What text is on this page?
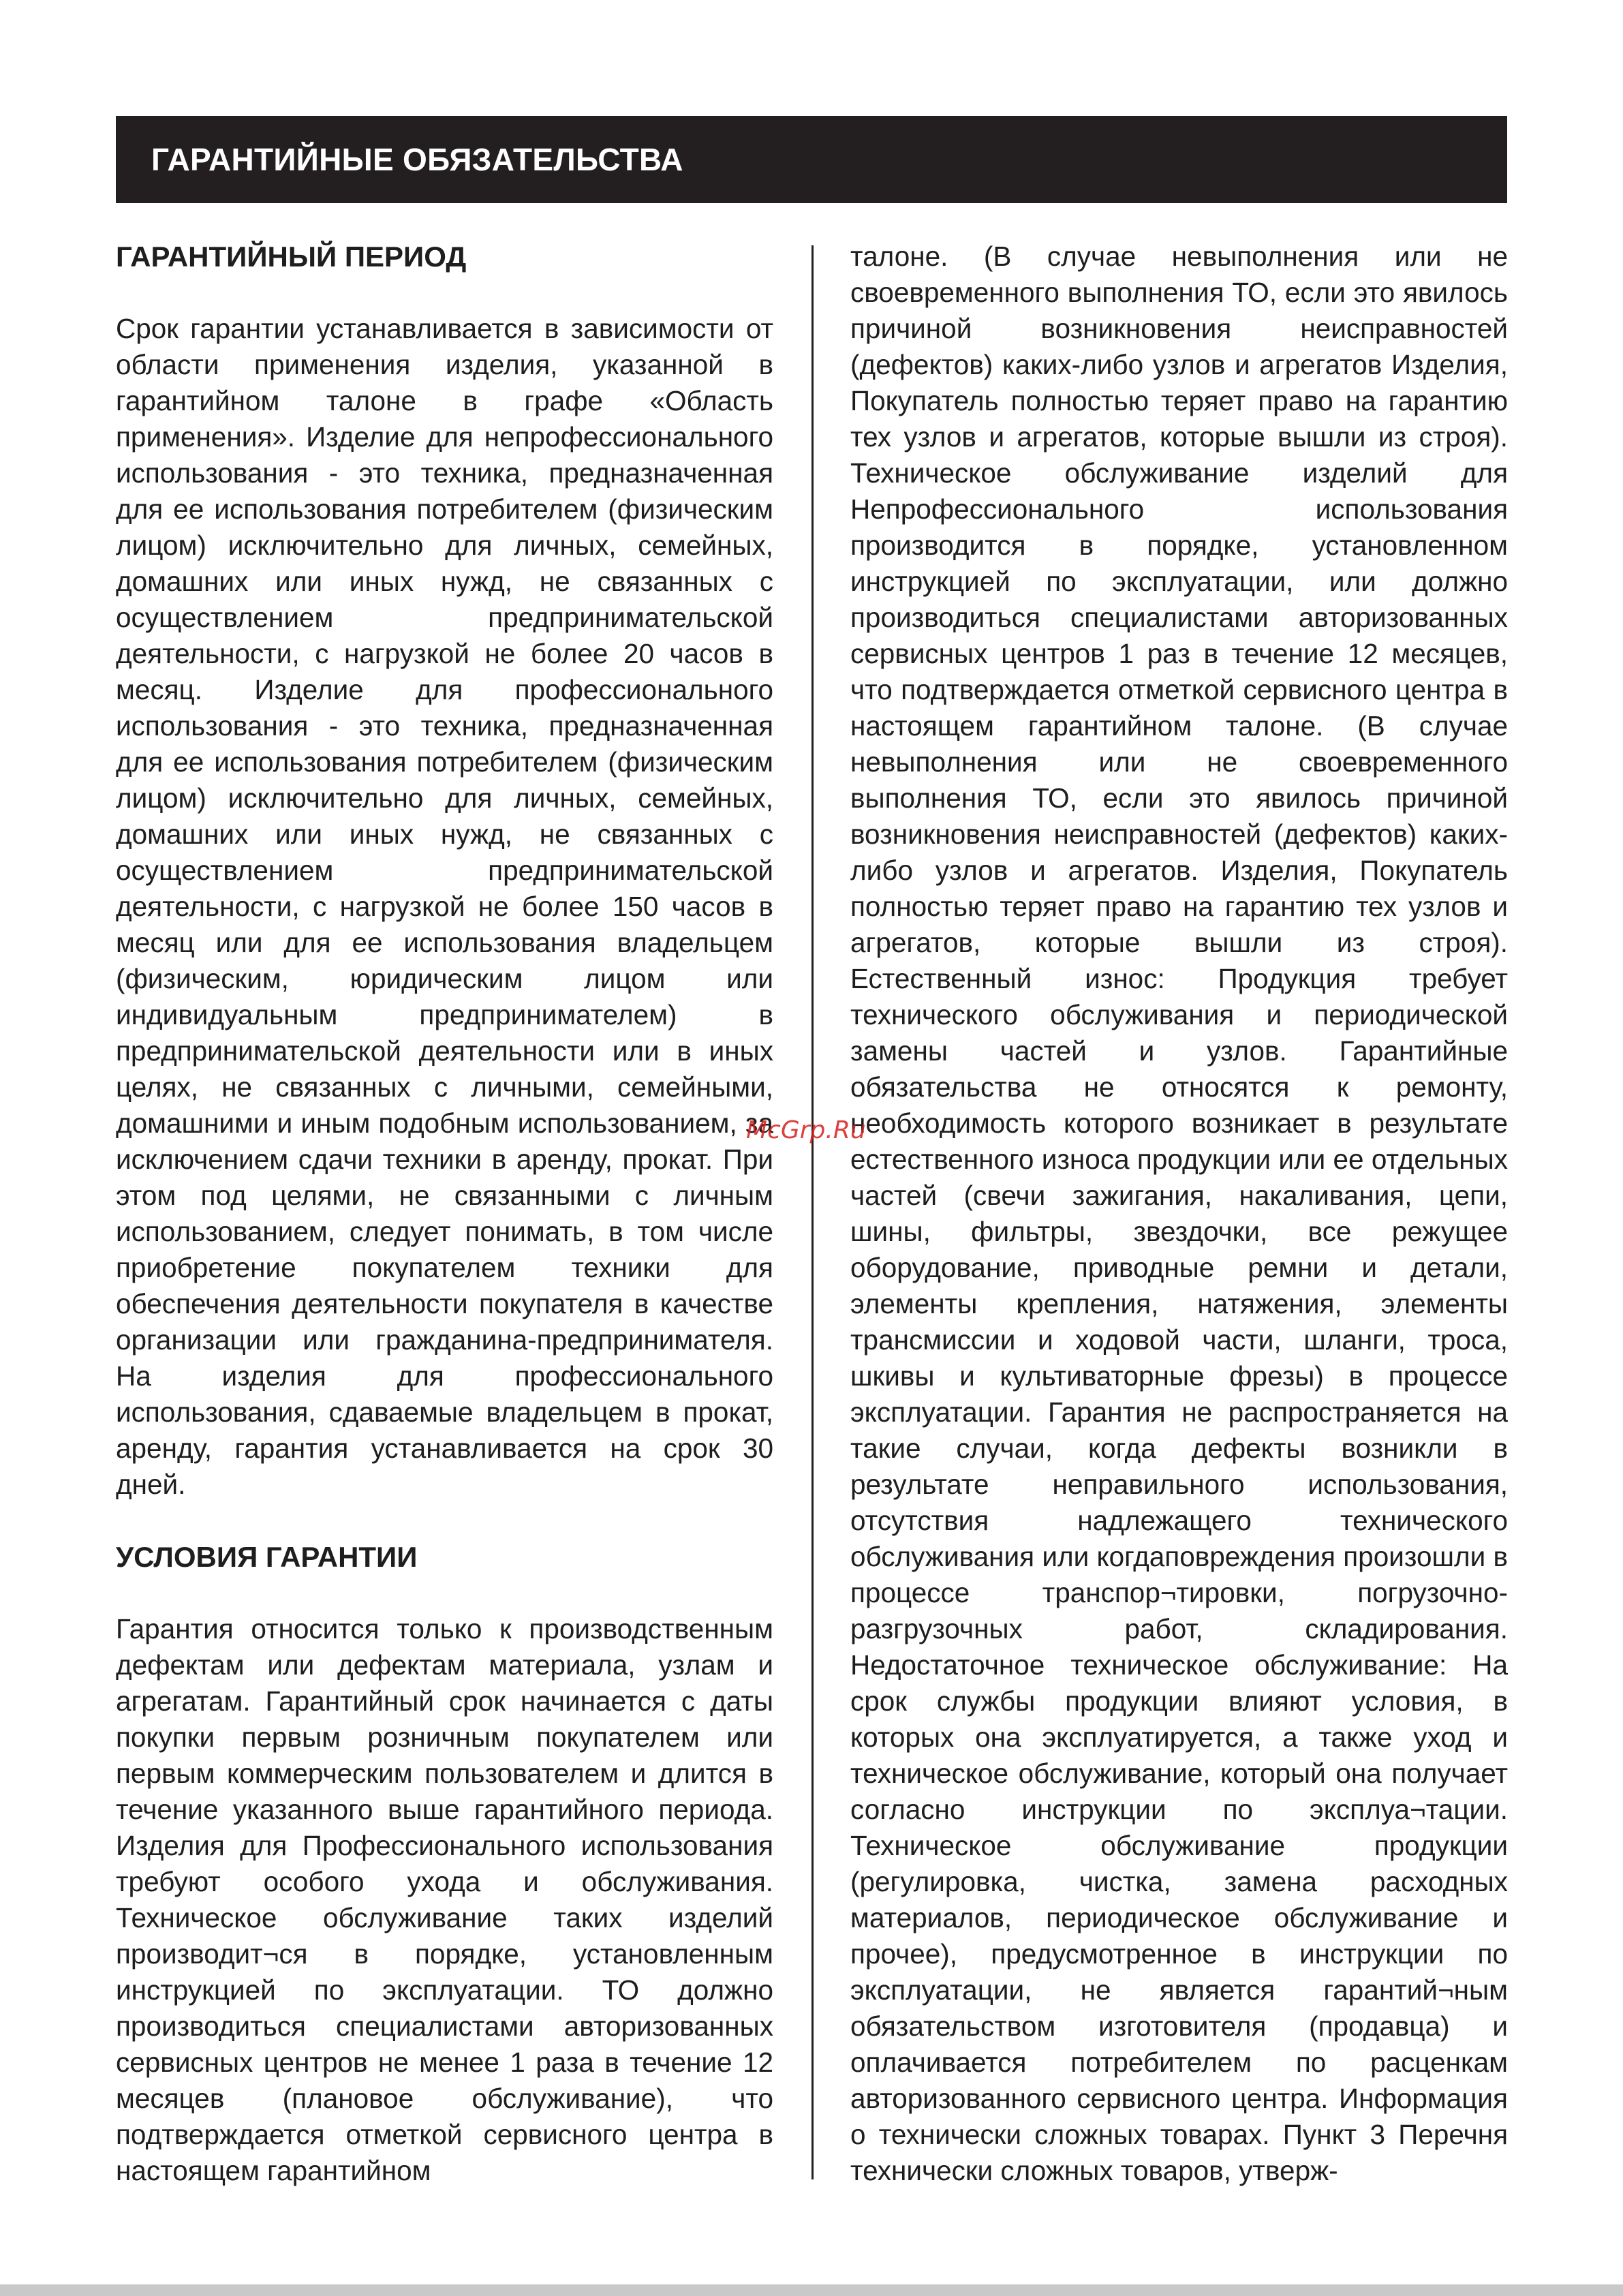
ГАРАНТИЙНЫЕ ОБЯЗАТЕЛЬСТВА
ГАРАНТИЙНЫЙ ПЕРИОД

Срок гарантии устанавливается в зависимости от области применения изделия, указанной в гарантийном талоне в графе «Область применения». Изделие для непрофессионального использования - это техника, предназначенная для ее использования потребителем (физическим лицом) исключительно для личных, семейных, домашних или иных нужд, не связанных с осуществлением предпринимательской деятельности, с нагрузкой не более 20 часов в месяц. Изделие для профессионального использования - это техника, предназначенная для ее использования потребителем (физическим лицом) исключительно для личных, семейных, домашних или иных нужд, не связанных с осуществлением предпринимательской деятельности, с нагрузкой не более 150 часов в месяц или для ее использования владельцем (физическим, юридическим лицом или индивидуальным предпринимателем) в предпринимательской деятельности или в иных целях, не связанных с личными, семейными, домашними и иным подобным использованием, за исключением сдачи техники в аренду, прокат. При этом под целями, не связанными с личным использованием, следует понимать, в том числе приобретение покупателем техники для обеспечения деятельности покупателя в качестве организации или гражданина-предпринимателя. На изделия для профессионального использования, сдаваемые владельцем в прокат, аренду, гарантия устанавливается на срок 30 дней.

УСЛОВИЯ ГАРАНТИИ

Гарантия относится только к производственным дефектам или дефектам материала, узлам и агрегатам. Гарантийный срок начинается с даты покупки первым розничным покупателем или первым коммерческим пользователем и длится в течение указанного выше гарантийного периода. Изделия для Профессионального использования требуют особого ухода и обслуживания. Техническое обслуживание таких изделий производит¬ся в порядке, установленным инструкцией по эксплуатации. ТО должно производиться специалистами авторизованных сервисных центров не менее 1 раза в течение 12 месяцев (плановое обслуживание), что подтверждается отметкой сервисного центра в настоящем гарантийном

талоне. (В случае невыполнения или не своевременного выполнения ТО, если это явилось причиной возникновения неисправностей (дефектов) каких-либо узлов и агрегатов Изделия, Покупатель полностью теряет право на гарантию тех узлов и агрегатов, которые вышли из строя). Техническое обслуживание изделий для Непрофессионального использования производится в порядке, установленном инструкцией по эксплуатации, или должно производиться специалистами авторизованных сервисных центров 1 раз в течение 12 месяцев, что подтверждается отметкой сервисного центра в настоящем гарантийном талоне. (В случае невыполнения или не своевременного выполнения ТО, если это явилось причиной возникновения неисправностей (дефектов) каких-либо узлов и агрегатов. Изделия, Покупатель полностью теряет право на гарантию тех узлов и агрегатов, которые вышли из строя). Естественный износ: Продукция требует технического обслуживания и периодической замены частей и узлов. Гарантийные обязательства не относятся к ремонту, необходимость которого возникает в результате естественного износа продукции или ее отдельных частей (свечи зажигания, накаливания, цепи, шины, фильтры, звездочки, все режущее оборудование, приводные ремни и детали, элементы крепления, натяжения, элементы трансмиссии и ходовой части, шланги, троса, шкивы и культиваторные фрезы) в процессе эксплуатации. Гарантия не распространяется на такие случаи, когда дефекты возникли в результате неправильного использования, отсутствия надлежащего технического обслуживания или когдаповреждения произошли в процессе транспор¬тировки, погрузочно-разгрузочных работ, складирования. Недостаточное техническое обслуживание: На срок службы продукции влияют условия, в которых она эксплуатируется, а также уход и техническое обслуживание, который она получает согласно инструкции по эксплуа¬тации. Техническое обслуживание продукции (регулировка, чистка, замена расходных материалов, периодическое обслуживание и прочее), предусмотренное в инструкции по эксплуатации, не является гарантий¬ным обязательством изготовителя (продавца) и оплачивается потребителем по расценкам авторизованного сервисного центра. Информация о технически сложных товарах. Пункт 3 Перечня технически сложных товаров, утверж-

McGrp.Ru
